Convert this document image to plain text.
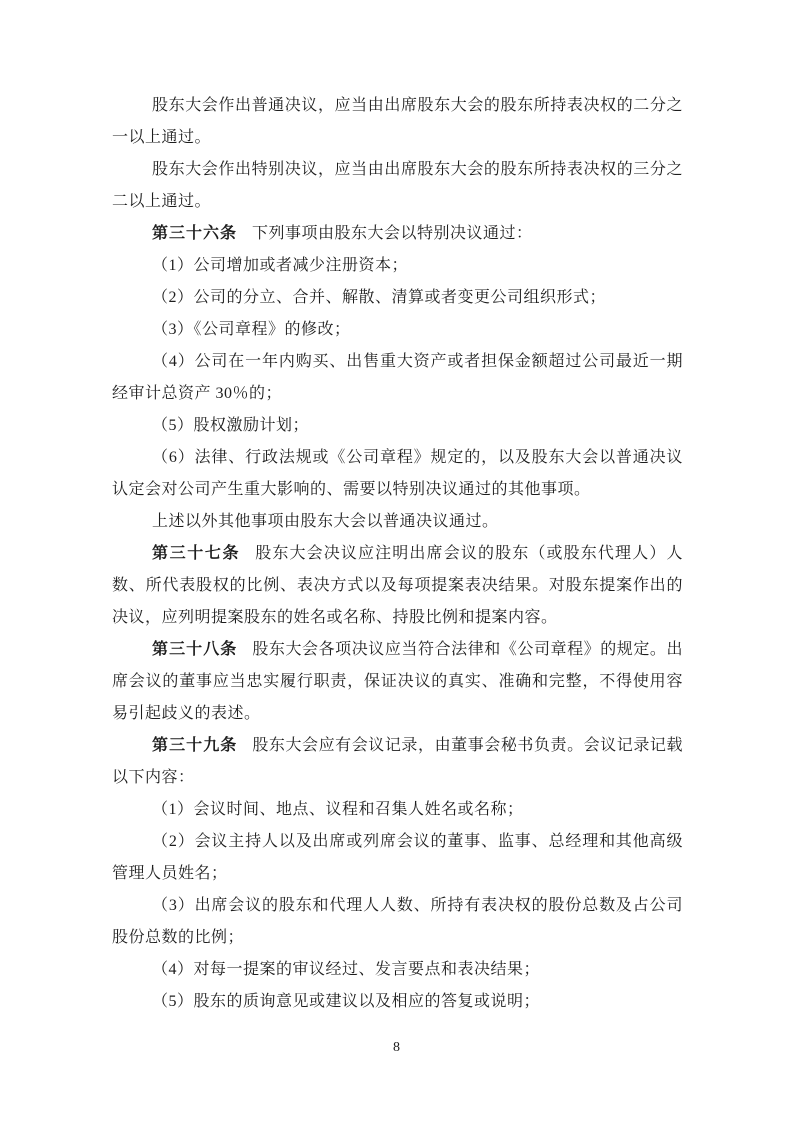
股东大会作出普通决议，应当由出席股东大会的股东所持表决权的二分之一以上通过。

股东大会作出特别决议，应当由出席股东大会的股东所持表决权的三分之二以上通过。

第三十六条 下列事项由股东大会以特别决议通过：

（1）公司增加或者减少注册资本；

（2）公司的分立、合并、解散、清算或者变更公司组织形式；

（3）《公司章程》的修改；

（4）公司在一年内购买、出售重大资产或者担保金额超过公司最近一期经审计总资产 30％的；

（5）股权激励计划；

（6）法律、行政法规或《公司章程》规定的，以及股东大会以普通决议认定会对公司产生重大影响的、需要以特别决议通过的其他事项。

上述以外其他事项由股东大会以普通决议通过。

第三十七条 股东大会决议应注明出席会议的股东（或股东代理人）人数、所代表股权的比例、表决方式以及每项提案表决结果。对股东提案作出的决议，应列明提案股东的姓名或名称、持股比例和提案内容。

第三十八条 股东大会各项决议应当符合法律和《公司章程》的规定。出席会议的董事应当忠实履行职责，保证决议的真实、准确和完整，不得使用容易引起歧义的表述。

第三十九条 股东大会应有会议记录，由董事会秘书负责。会议记录记载以下内容：

（1）会议时间、地点、议程和召集人姓名或名称；

（2）会议主持人以及出席或列席会议的董事、监事、总经理和其他高级管理人员姓名；

（3）出席会议的股东和代理人人数、所持有表决权的股份总数及占公司股份总数的比例；

（4）对每一提案的审议经过、发言要点和表决结果；

（5）股东的质询意见或建议以及相应的答复或说明；

8
